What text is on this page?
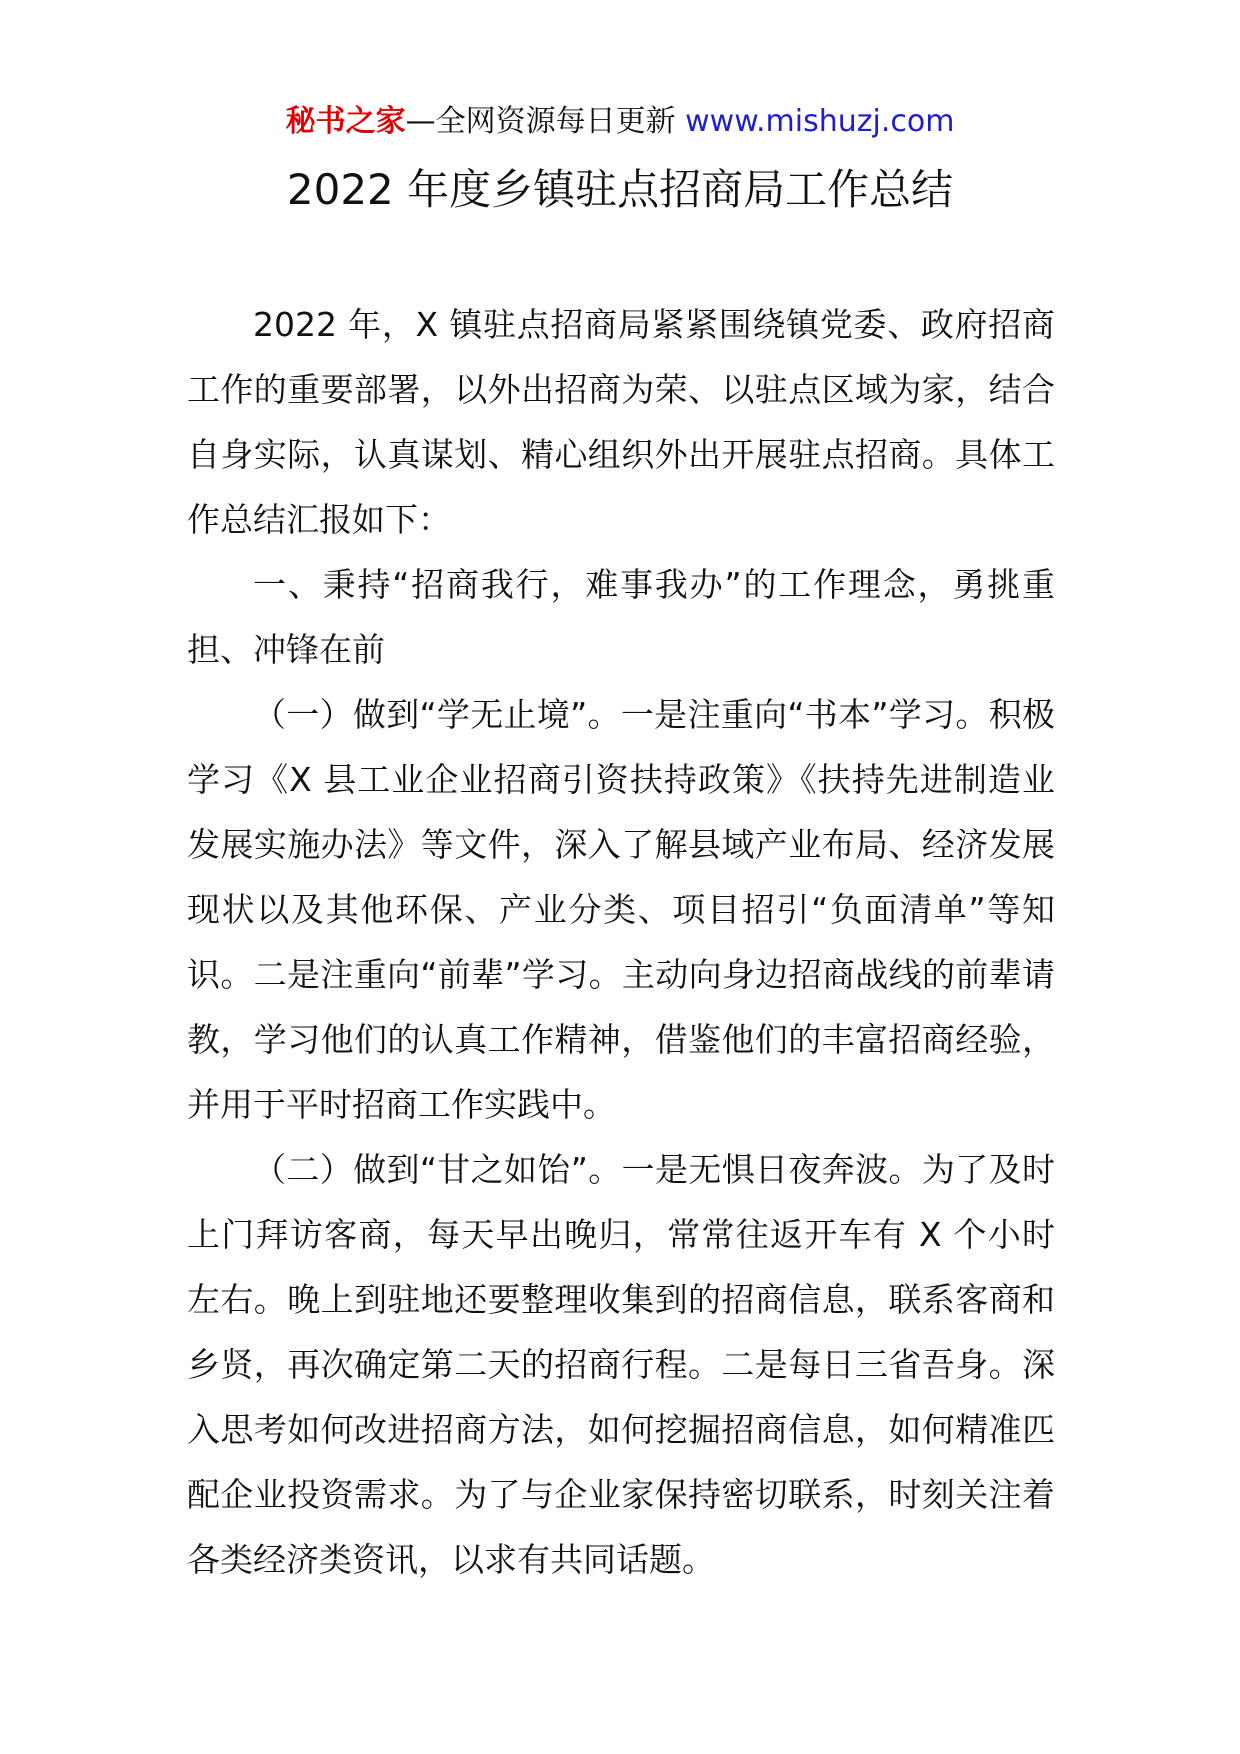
秘书之家—全网资源每日更新 www.mishuzj.com
2022 年度乡镇驻点招商局工作总结

2022 年，X 镇驻点招商局紧紧围绕镇党委、政府招商工作的重要部署，以外出招商为荣、以驻点区域为家，结合自身实际，认真谋划、精心组织外出开展驻点招商。具体工作总结汇报如下：

一、秉持“招商我行，难事我办”的工作理念，勇挑重担、冲锋在前

（一）做到“学无止境”。一是注重向“书本”学习。积极学习《X 县工业企业招商引资扶持政策》《扶持先进制造业发展实施办法》等文件，深入了解县域产业布局、经济发展现状以及其他环保、产业分类、项目招引“负面清单”等知识。二是注重向“前辈”学习。主动向身边招商战线的前辈请教，学习他们的认真工作精神，借鉴他们的丰富招商经验，并用于平时招商工作实践中。

（二）做到“甘之如饴”。一是无惧日夜奔波。为了及时上门拜访客商，每天早出晚归，常常往返开车有 X 个小时左右。晚上到驻地还要整理收集到的招商信息，联系客商和乡贤，再次确定第二天的招商行程。二是每日三省吾身。深入思考如何改进招商方法，如何挖掘招商信息，如何精准匹配企业投资需求。为了与企业家保持密切联系，时刻关注着各类经济类资讯，以求有共同话题。
